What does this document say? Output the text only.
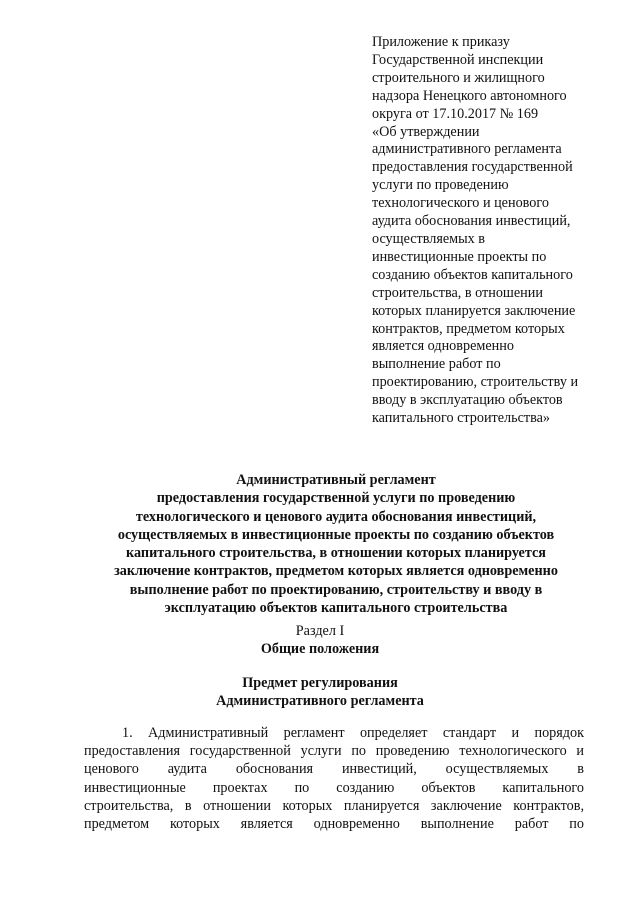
Приложение к приказу
Государственной инспекции
строительного и жилищного
надзора Ненецкого автономного
округа от 17.10.2017 № 169
«Об утверждении
административного регламента
предоставления государственной
услуги по проведению
технологического и ценового
аудита обоснования инвестиций,
осуществляемых в
инвестиционные проекты по
созданию объектов капитального
строительства, в отношении
которых планируется заключение
контрактов, предметом которых
является одновременно
выполнение работ по
проектированию, строительству и
вводу в эксплуатацию объектов
капитального строительства»
Административный регламент
предоставления государственной услуги по проведению
технологического и ценового аудита обоснования инвестиций,
осуществляемых в инвестиционные проекты по созданию объектов
капитального строительства, в отношении которых планируется
заключение контрактов, предметом которых является одновременно
выполнение работ по проектированию, строительству и вводу в
эксплуатацию объектов капитального строительства
Раздел I
Общие положения
Предмет регулирования
Административного регламента
1. Административный регламент определяет стандарт и порядок
предоставления государственной услуги по проведению технологического и
ценового аудита обоснования инвестиций, осуществляемых в
инвестиционные проектах по созданию объектов капитального
строительства, в отношении которых планируется заключение контрактов,
предметом которых является одновременно выполнение работ по
